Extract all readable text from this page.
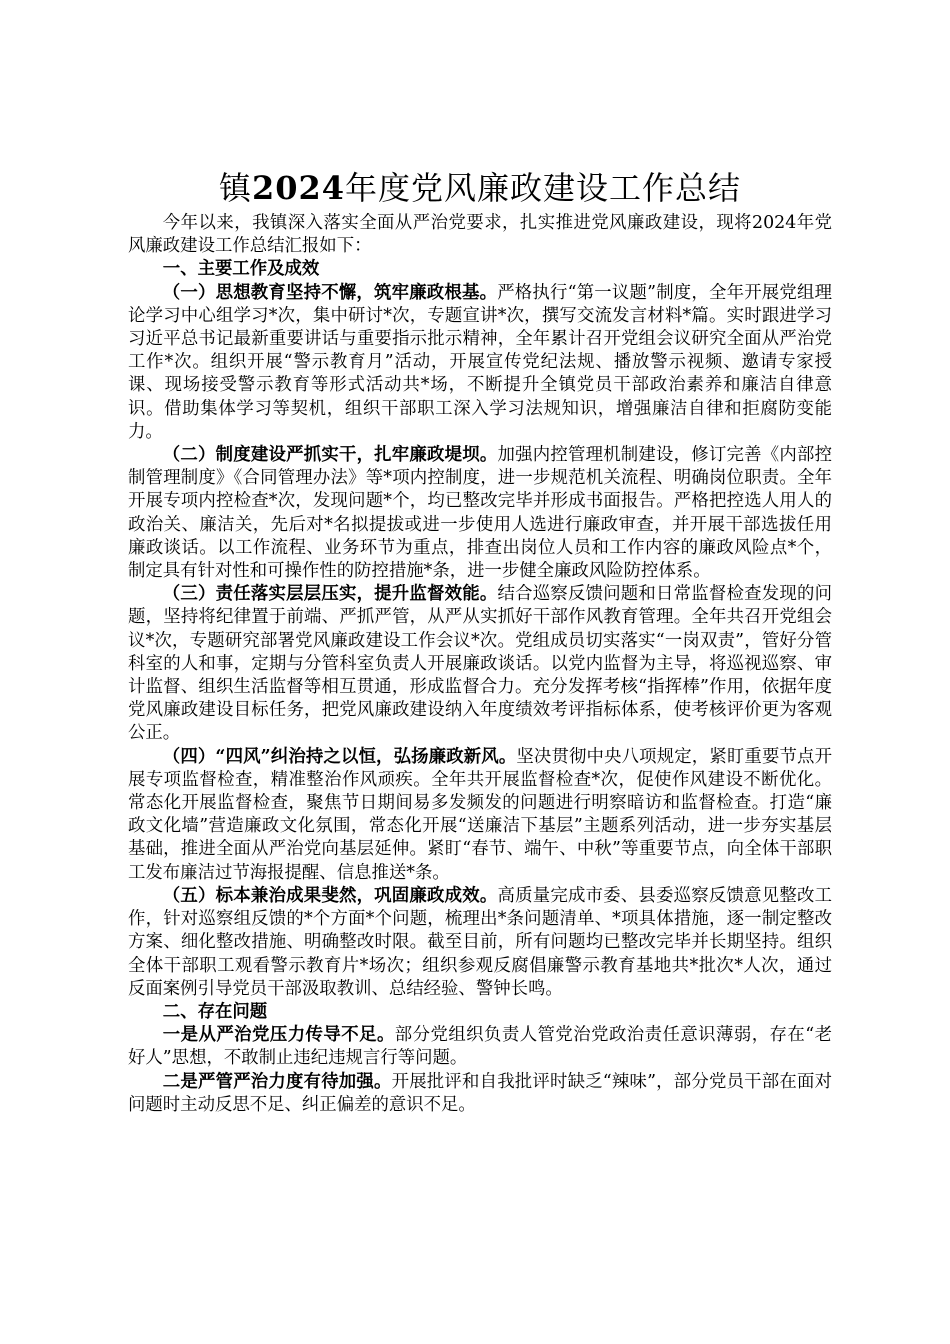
镇2024年度党风廉政建设工作总结

今年以来，我镇深入落实全面从严治党要求，扎实推进党风廉政建设，现将2024年党风廉政建设工作总结汇报如下：

一、主要工作及成效

（一）思想教育坚持不懈，筑牢廉政根基。严格执行“第一议题”制度，全年开展党组理论学习中心组学习*次，集中研讨*次，专题宣讲*次，撰写交流发言材料*篇。实时跟进学习习近平总书记最新重要讲话与重要指示批示精神，全年累计召开党组会议研究全面从严治党工作*次。组织开展“警示教育月”活动，开展宣传党纪法规、播放警示视频、邀请专家授课、现场接受警示教育等形式活动共*场，不断提升全镇党员干部政治素养和廉洁自律意识。借助集体学习等契机，组织干部职工深入学习法规知识，增强廉洁自律和拒腐防变能力。

（二）制度建设严抓实干，扎牢廉政堤坝。加强内控管理机制建设，修订完善《内部控制管理制度》《合同管理办法》等*项内控制度，进一步规范机关流程、明确岗位职责。全年开展专项内控检查*次，发现问题*个，均已整改完毕并形成书面报告。严格把控选人用人的政治关、廉洁关，先后对*名拟提拔或进一步使用人选进行廉政审查，并开展干部选拔任用廉政谈话。以工作流程、业务环节为重点，排查出岗位人员和工作内容的廉政风险点*个，制定具有针对性和可操作性的防控措施*条，进一步健全廉政风险防控体系。

（三）责任落实层层压实，提升监督效能。结合巡察反馈问题和日常监督检查发现的问题，坚持将纪律置于前端、严抓严管，从严从实抓好干部作风教育管理。全年共召开党组会议*次，专题研究部署党风廉政建设工作会议*次。党组成员切实落实“一岗双责”，管好分管科室的人和事，定期与分管科室负责人开展廉政谈话。以党内监督为主导，将巡视巡察、审计监督、组织生活监督等相互贯通，形成监督合力。充分发挥考核“指挥棒”作用，依据年度党风廉政建设目标任务，把党风廉政建设纳入年度绩效考评指标体系，使考核评价更为客观公正。

（四）“四风”纠治持之以恒，弘扬廉政新风。坚决贯彻中央八项规定，紧盯重要节点开展专项监督检查，精准整治作风顽疾。全年共开展监督检查*次，促使作风建设不断优化。常态化开展监督检查，聚焦节日期间易多发频发的问题进行明察暗访和监督检查。打造“廉政文化墙”营造廉政文化氛围，常态化开展“送廉洁下基层”主题系列活动，进一步夯实基层基础，推进全面从严治党向基层延伸。紧盯“春节、端午、中秋”等重要节点，向全体干部职工发布廉洁过节海报提醒、信息推送*条。

（五）标本兼治成果斐然，巩固廉政成效。高质量完成市委、县委巡察反馈意见整改工作，针对巡察组反馈的*个方面*个问题，梳理出*条问题清单、*项具体措施，逐一制定整改方案、细化整改措施、明确整改时限。截至目前，所有问题均已整改完毕并长期坚持。组织全体干部职工观看警示教育片*场次；组织参观反腐倡廉警示教育基地共*批次*人次，通过反面案例引导党员干部汲取教训、总结经验、警钟长鸣。

二、存在问题

一是从严治党压力传导不足。部分党组织负责人管党治党政治责任意识薄弱，存在“老好人”思想，不敢制止违纪违规言行等问题。

二是严管严治力度有待加强。开展批评和自我批评时缺乏“辣味”，部分党员干部在面对问题时主动反思不足、纠正偏差的意识不足。
